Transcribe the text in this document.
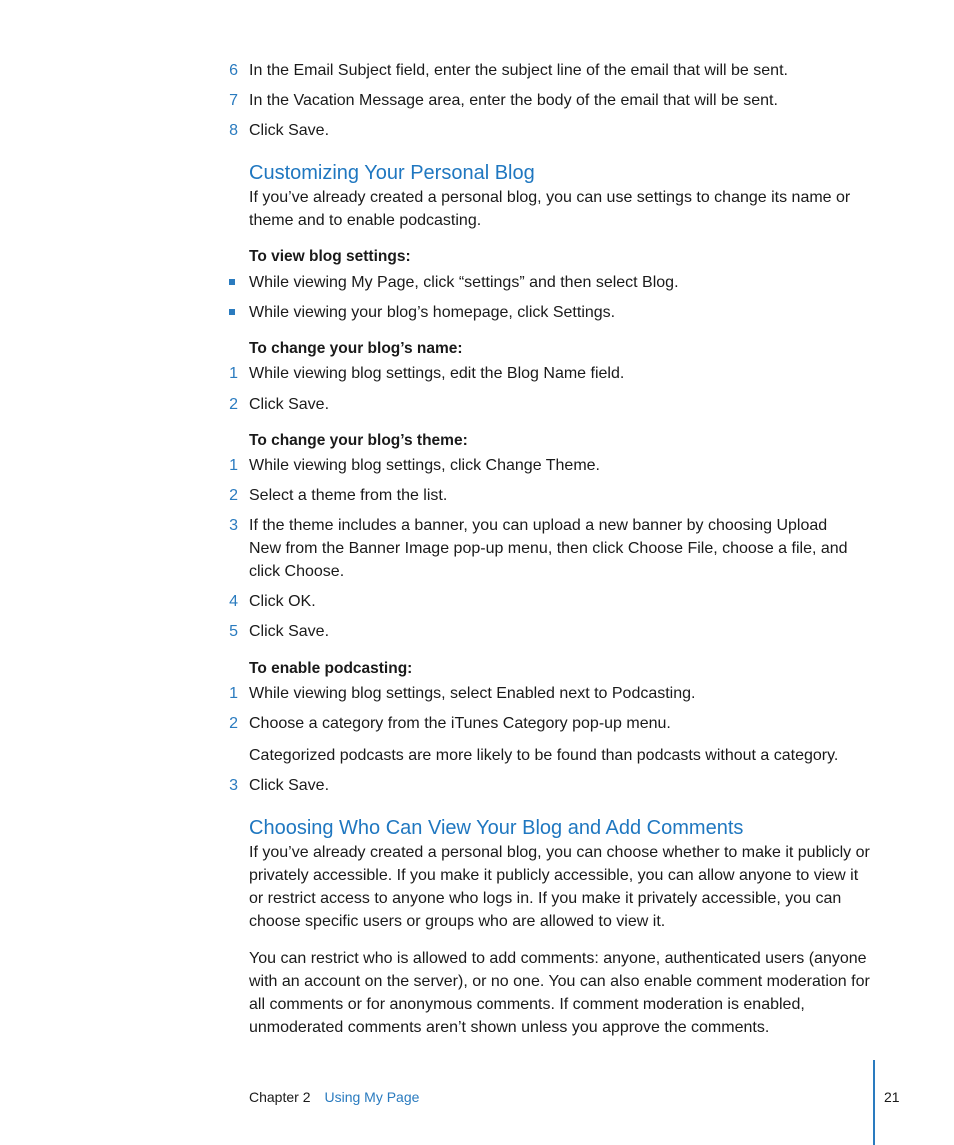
6 In the Email Subject field, enter the subject line of the email that will be sent.
7 In the Vacation Message area, enter the body of the email that will be sent.
8 Click Save.
Customizing Your Personal Blog
If you’ve already created a personal blog, you can use settings to change its name or theme and to enable podcasting.
To view blog settings:
While viewing My Page, click “settings” and then select Blog.
While viewing your blog’s homepage, click Settings.
To change your blog’s name:
1 While viewing blog settings, edit the Blog Name field.
2 Click Save.
To change your blog’s theme:
1 While viewing blog settings, click Change Theme.
2 Select a theme from the list.
3 If the theme includes a banner, you can upload a new banner by choosing Upload New from the Banner Image pop-up menu, then click Choose File, choose a file, and click Choose.
4 Click OK.
5 Click Save.
To enable podcasting:
1 While viewing blog settings, select Enabled next to Podcasting.
2 Choose a category from the iTunes Category pop-up menu.
Categorized podcasts are more likely to be found than podcasts without a category.
3 Click Save.
Choosing Who Can View Your Blog and Add Comments
If you’ve already created a personal blog, you can choose whether to make it publicly or privately accessible. If you make it publicly accessible, you can allow anyone to view it or restrict access to anyone who logs in. If you make it privately accessible, you can choose specific users or groups who are allowed to view it.
You can restrict who is allowed to add comments: anyone, authenticated users (anyone with an account on the server), or no one. You can also enable comment moderation for all comments or for anonymous comments. If comment moderation is enabled, unmoderated comments aren’t shown unless you approve the comments.
Chapter 2 Using My Page	21
